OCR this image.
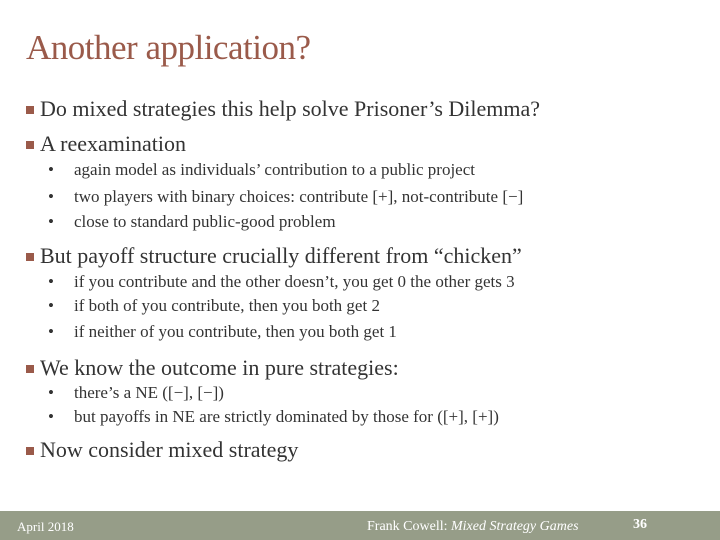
Another application?
Do mixed strategies this help solve Prisoner’s Dilemma?
A reexamination
• again model as individuals’ contribution to a public project
• two players with binary choices: contribute [+], not-contribute [−]
• close to standard public-good problem
But payoff structure crucially different from “chicken”
• if you contribute and the other doesn’t, you get 0 the other gets 3
• if both of you contribute, then you both get 2
• if neither of you contribute, then you both get 1
We know the outcome in pure strategies:
• there’s a NE ([−], [−])
• but payoffs in NE are strictly dominated by those for ([+], [+])
Now consider mixed strategy
April 2018	Frank Cowell: Mixed Strategy Games	36
